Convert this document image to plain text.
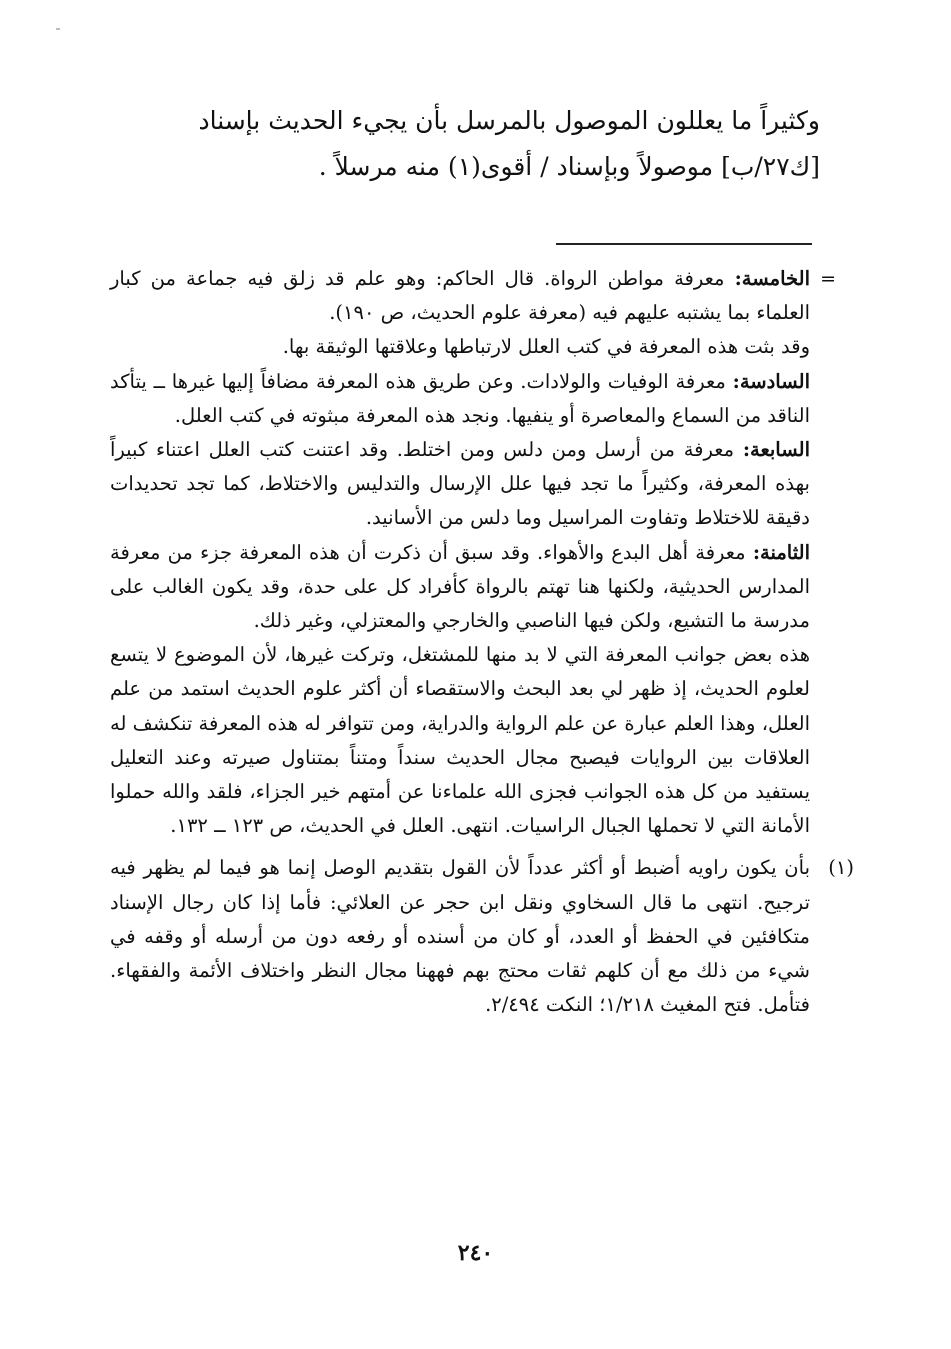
وكثيراً ما يعللون الموصول بالمرسل بأن يجيء الحديث بإسناد

[ك٢٧/ب] موصولاً وبإسناد / أقوى(١) منه مرسلاً .

=

الخامسة: معرفة مواطن الرواة. قال الحاكم: وهو علم قد زلق فيه جماعة من كبار العلماء بما يشتبه عليهم فيه (معرفة علوم الحديث، ص ١٩٠).

وقد بثت هذه المعرفة في كتب العلل لارتباطها وعلاقتها الوثيقة بها.

السادسة: معرفة الوفيات والولادات. وعن طريق هذه المعرفة مضافاً إليها غيرها ــ يتأكد الناقد من السماع والمعاصرة أو ينفيها. ونجد هذه المعرفة مبثوته في كتب العلل.

السابعة: معرفة من أرسل ومن دلس ومن اختلط. وقد اعتنت كتب العلل اعتناء كبيراً بهذه المعرفة، وكثيراً ما تجد فيها علل الإرسال والتدليس والاختلاط، كما تجد تحديدات دقيقة للاختلاط وتفاوت المراسيل وما دلس من الأسانيد.

الثامنة: معرفة أهل البدع والأهواء. وقد سبق أن ذكرت أن هذه المعرفة جزء من معرفة المدارس الحديثية، ولكنها هنا تهتم بالرواة كأفراد كل على حدة، وقد يكون الغالب على مدرسة ما التشيع، ولكن فيها الناصبي والخارجي والمعتزلي، وغير ذلك.

هذه بعض جوانب المعرفة التي لا بد منها للمشتغل، وتركت غيرها، لأن الموضوع لا يتسع لعلوم الحديث، إذ ظهر لي بعد البحث والاستقصاء أن أكثر علوم الحديث استمد من علم العلل، وهذا العلم عبارة عن علم الرواية والدراية، ومن تتوافر له هذه المعرفة تنكشف له العلاقات بين الروايات فيصبح مجال الحديث سنداً ومتناً بمتناول صيرته وعند التعليل يستفيد من كل هذه الجوانب فجزى الله علماءنا عن أمتهم خير الجزاء، فلقد والله حملوا الأمانة التي لا تحملها الجبال الراسيات. انتهى. العلل في الحديث، ص ١٢٣ ــ ١٣٢.

(١)

بأن يكون راويه أضبط أو أكثر عدداً لأن القول بتقديم الوصل إنما هو فيما لم يظهر فيه ترجيح. انتهى ما قال السخاوي ونقل ابن حجر عن العلائي: فأما إذا كان رجال الإسناد متكافئين في الحفظ أو العدد، أو كان من أسنده أو رفعه دون من أرسله أو وقفه في شيء من ذلك مع أن كلهم ثقات محتج بهم فههنا مجال النظر واختلاف الأئمة والفقهاء. فتأمل. فتح المغيث ١/٢١٨؛ النكت ٢/٤٩٤.

٢٤٠
